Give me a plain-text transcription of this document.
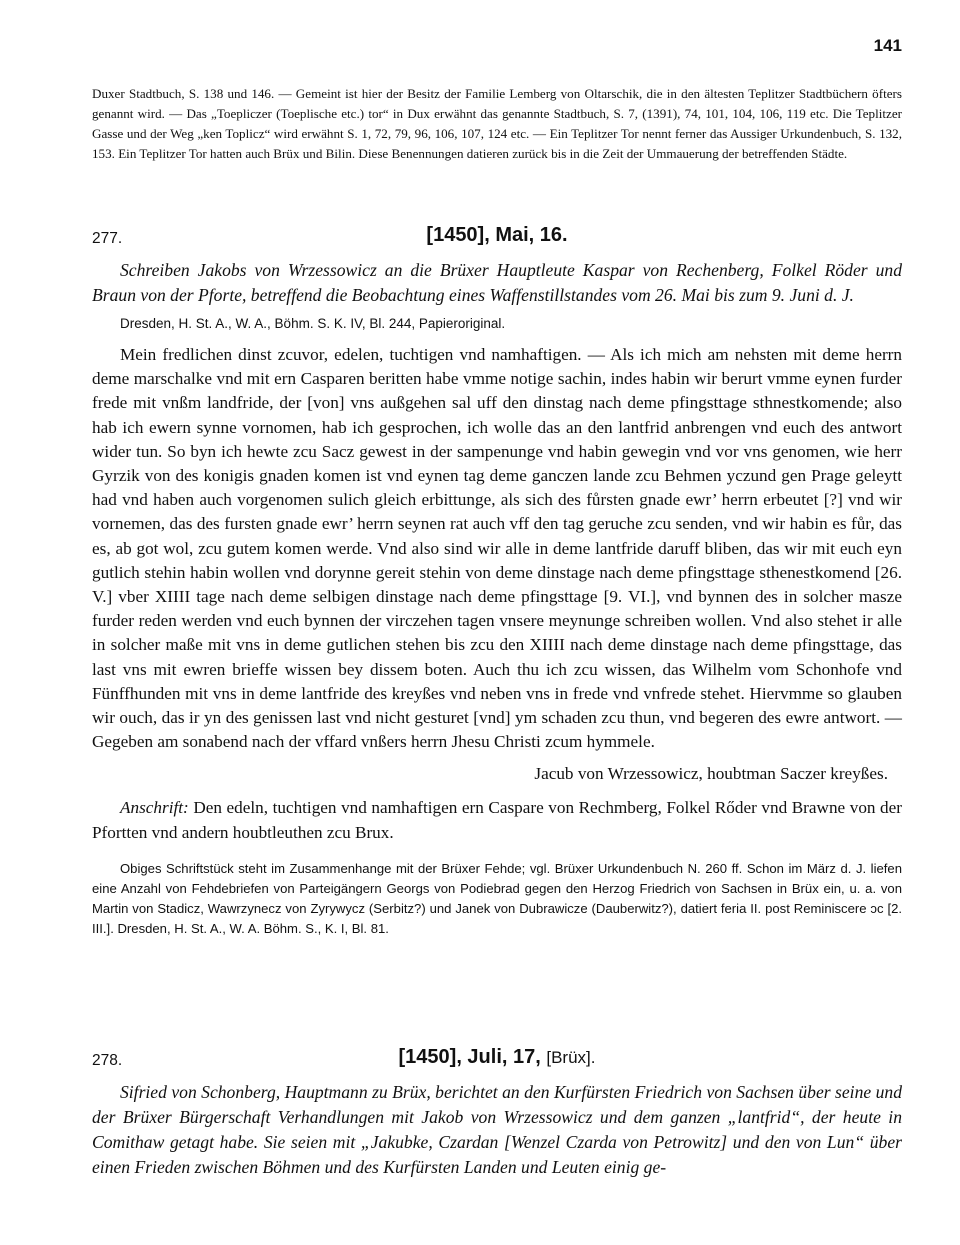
141
Duxer Stadtbuch, S. 138 und 146. — Gemeint ist hier der Besitz der Familie Lemberg von Oltarschik, die in den ältesten Teplitzer Stadtbüchern öfters genannt wird. — Das „Toepliczer (Toeplische etc.) tor“ in Dux erwähnt das genannte Stadtbuch, S. 7, (1391), 74, 101, 104, 106, 119 etc. Die Teplitzer Gasse und der Weg „ken Toplicz“ wird erwähnt S. 1, 72, 79, 96, 106, 107, 124 etc. — Ein Teplitzer Tor nennt ferner das Aussiger Urkundenbuch, S. 132, 153. Ein Teplitzer Tor hatten auch Brüx und Bilin. Diese Benennungen datieren zurück bis in die Zeit der Ummauerung der betreffenden Städte.
277.	[1450], Mai, 16.

Schreiben Jakobs von Wrzessowicz an die Brüxer Hauptleute Kaspar von Rechenberg, Folkel Röder und Braun von der Pforte, betreffend die Beobachtung eines Waffenstillstandes vom 26. Mai bis zum 9. Juni d. J.

Dresden, H. St. A., W. A., Böhm. S. K. IV, Bl. 244, Papieroriginal.

Mein fredlichen dinst zcuvor, edelen, tuchtigen vnd namhaftigen. — Als ich mich am nehsten mit deme herrn deme marschalke vnd mit ern Casparen beritten habe vmme notige sachin, indes habin wir berurt vmme eynen furder frede mit vnßm landfride, der [von] vns außgehen sal uff den dinstag nach deme pfingsttage sthnestkomende; also hab ich ewern synne vornomen, hab ich gesprochen, ich wolle das an den lantfrid anbrengen vnd euch des antwort wider tun. So byn ich hewte zcu Sacz gewest in der sampenunge vnd habin gewegin vnd vor vns genomen, wie herr Gyrzik von des konigis gnaden komen ist vnd eynen tag deme ganczen lande zcu Behmen yczund gen Prage geleytt had vnd haben auch vorgenomen sulich gleich erbittunge, als sich des fůrsten gnade ewr’ herrn erbeutet [?] vnd wir vornemen, das des fursten gnade ewr’ herrn seynen rat auch vff den tag geruche zcu senden, vnd wir habin es fůr, das es, ab got wol, zcu gutem komen werde. Vnd also sind wir alle in deme lantfride daruff bliben, das wir mit euch eyn gutlich stehin habin wollen vnd dorynne gereit stehin von deme dinstage nach deme pfingsttage sthenestkomend [26. V.] vber XIIII tage nach deme selbigen dinstage nach deme pfingsttage [9. VI.], vnd bynnen des in solcher masze furder reden werden vnd euch bynnen der virczehen tagen vnsere meynunge schreiben wollen. Vnd also stehet ir alle in solcher maße mit vns in deme gutlichen stehen bis zcu den XIIII nach deme dinstage nach deme pfingsttage, das last vns mit ewren brieffe wissen bey dissem boten. Auch thu ich zcu wissen, das Wilhelm vom Schonhofe vnd Fünffhunden mit vns in deme lantfride des kreyßes vnd neben vns in frede vnd vnfrede stehet. Hiervmme so glauben wir ouch, das ir yn des genissen last vnd nicht gesturet [vnd] ym schaden zcu thun, vnd begeren des ewre antwort. — Gegeben am sonabend nach der vffard vnßers herrn Jhesu Christi zcum hymmele.

Jacub von Wrzessowicz, houbtman Saczer kreyßes.

Anschrift: Den edeln, tuchtigen vnd namhaftigen ern Caspare von Rechmberg, Folkel Rőder vnd Brawne von der Pfortten vnd andern houbtleuthen zcu Brux.

Obiges Schriftstück steht im Zusammenhange mit der Brüxer Fehde; vgl. Brüxer Urkundenbuch N. 260 ff. Schon im März d. J. liefen eine Anzahl von Fehdebriefen von Parteigängern Georgs von Podiebrad gegen den Herzog Friedrich von Sachsen in Brüx ein, u. a. von Martin von Stadicz, Wawrzynecz von Zyrywycz (Serbitz?) und Janek von Dubrawicze (Dauberwitz?), datiert feria II. post Reminiscere ɔc [2. III.]. Dresden, H. St. A., W. A. Böhm. S., K. I, Bl. 81.

278.	[1450], Juli, 17, [Brüx].

Sifried von Schonberg, Hauptmann zu Brüx, berichtet an den Kurfürsten Friedrich von Sachsen über seine und der Brüxer Bürgerschaft Verhandlungen mit Jakob von Wrzessowicz und dem ganzen „lantfrid“, der heute in Comithaw getagt habe. Sie seien mit „Jakubke, Czardan [Wenzel Czarda von Petrowitz] und den von Lun“ über einen Frieden zwischen Böhmen und des Kurfürsten Landen und Leuten einig ge-
